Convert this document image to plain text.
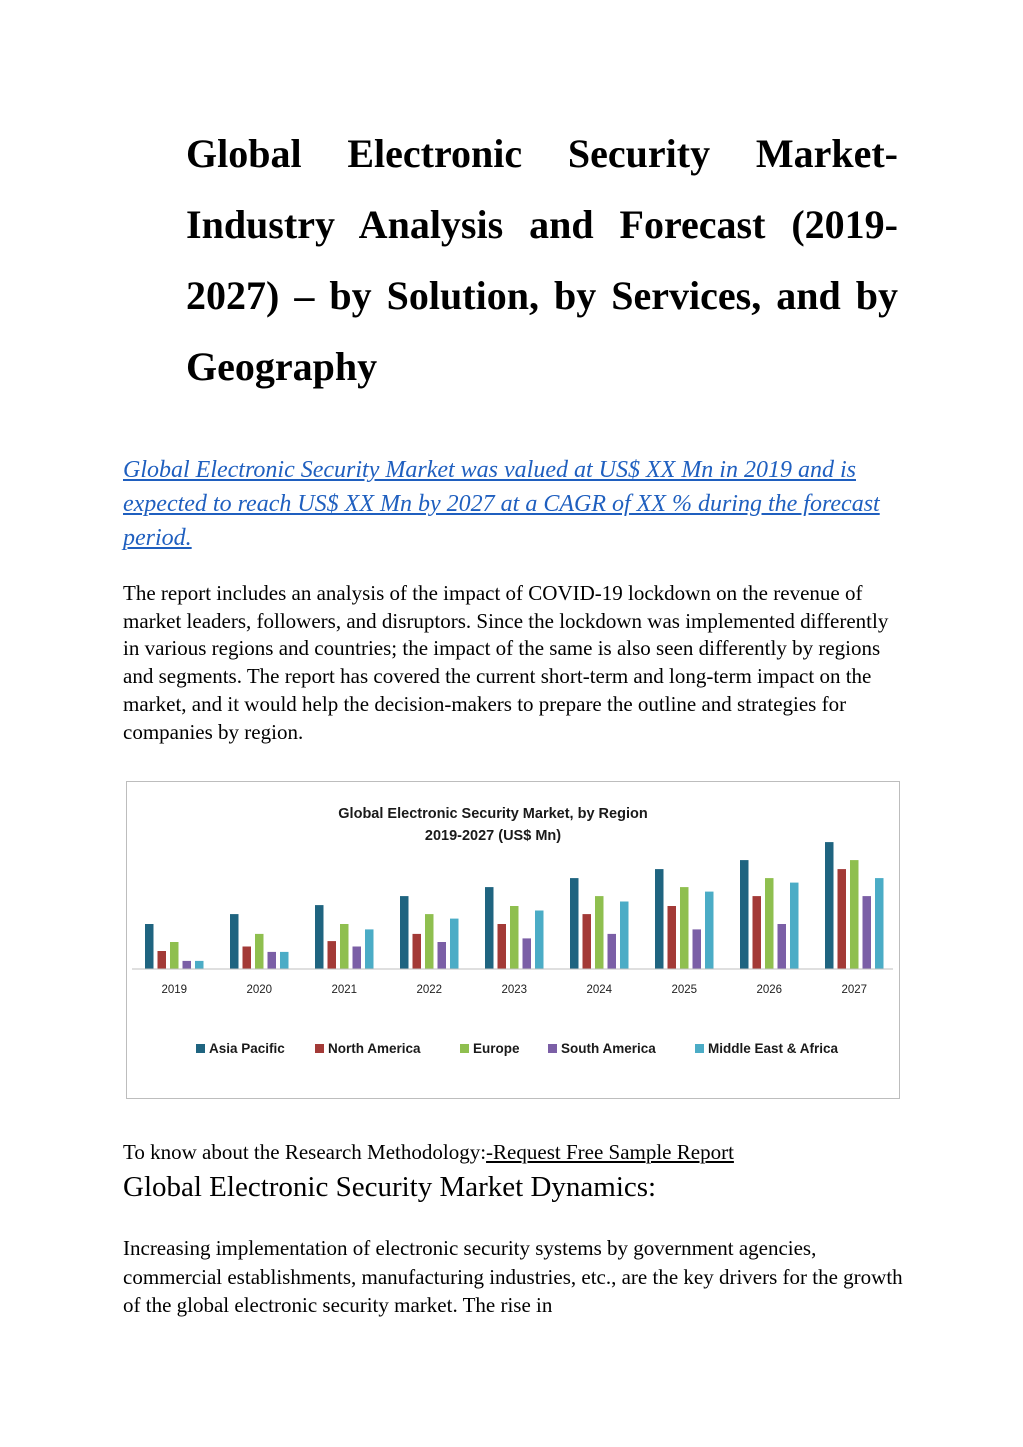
Global Electronic Security Market- Industry Analysis and Forecast (2019-2027) – by Solution, by Services, and by Geography

Global Electronic Security Market was valued at US$ XX Mn in 2019 and is expected to reach US$ XX Mn by 2027 at a CAGR of XX % during the forecast period.

The report includes an analysis of the impact of COVID-19 lockdown on the revenue of market leaders, followers, and disruptors. Since the lockdown was implemented differently in various regions and countries; the impact of the same is also seen differently by regions and segments. The report has covered the current short-term and long-term impact on the market, and it would help the decision-makers to prepare the outline and strategies for companies by region.

Global Electronic Security Market, by Region
2019-2027 (US$ Mn)
2019	2020	2021	2022	2023	2024	2025	2026	2027
Asia Pacific	North America	Europe	South America	Middle East & Africa

To know about the Research Methodology:-Request Free Sample Report

Global Electronic Security Market Dynamics:

Increasing implementation of electronic security systems by government agencies, commercial establishments, manufacturing industries, etc., are the key drivers for the growth of the global electronic security market. The rise in
